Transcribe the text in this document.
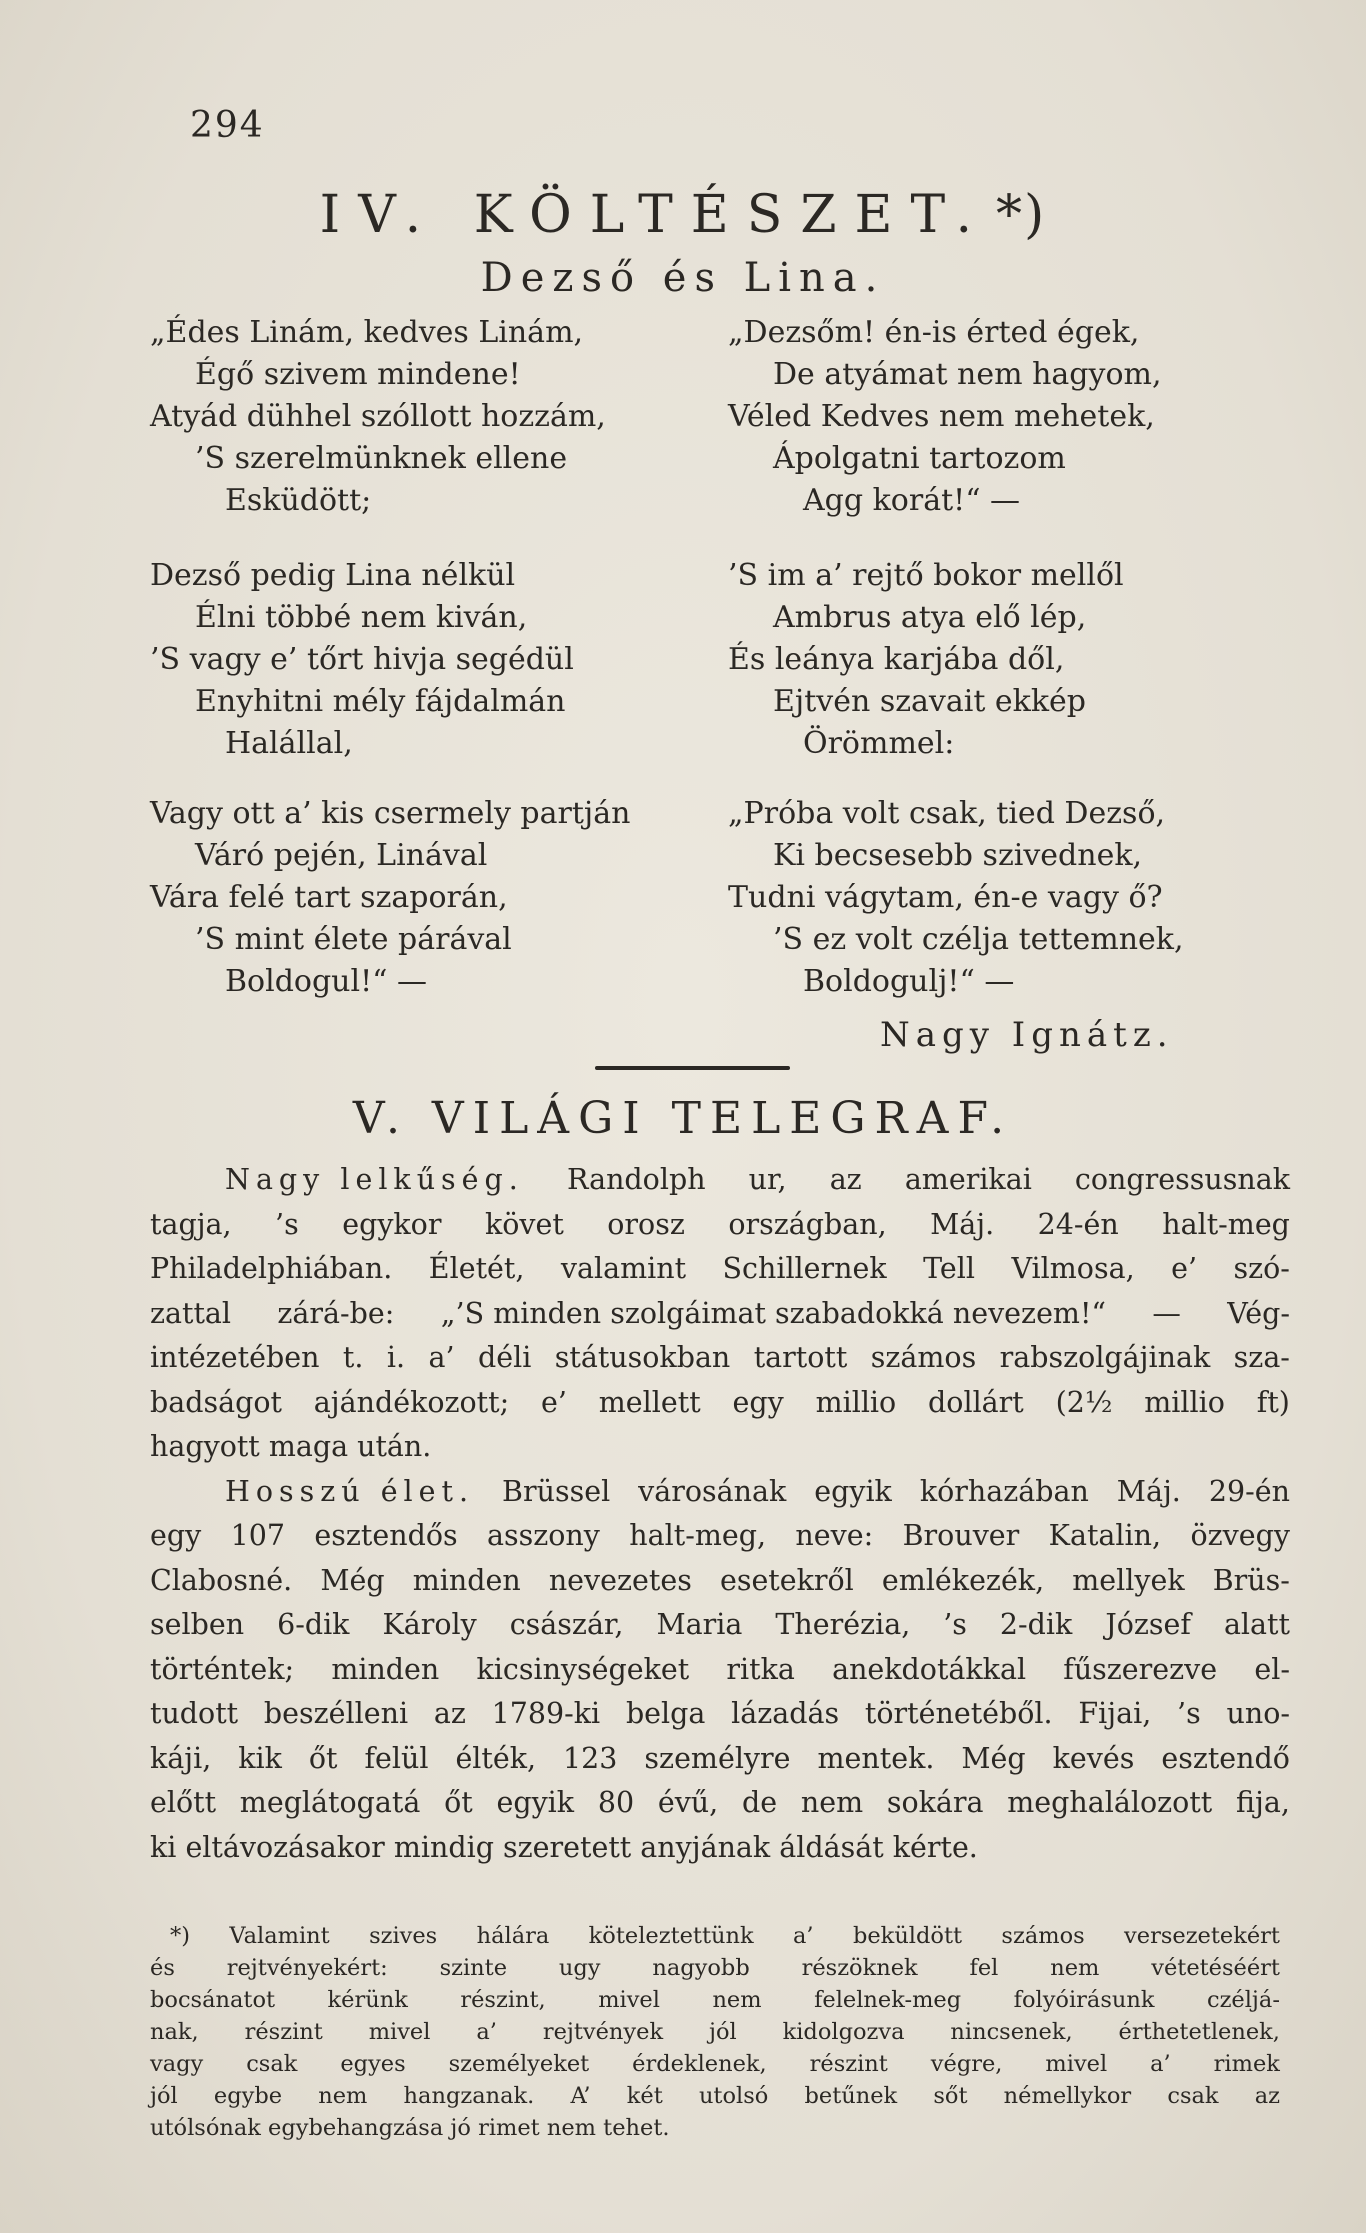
294
IV. KÖLTÉSZET. *)
Dezső és Lina.
„Édes Linám, kedves Linám,
Égő szivem mindene!
Atyád dühhel szóllott hozzám,
’S szerelmünknek ellene
Esküdött;
Dezső pedig Lina nélkül
Élni többé nem kiván,
’S vagy e’ tőrt hivja segédül
Enyhitni mély fájdalmán
Halállal,
Vagy ott a’ kis csermely partján
Váró pején, Linával
Vára felé tart szaporán,
’S mint élete párával
Boldogul!“ —
„Dezsőm! én-is érted égek,
De atyámat nem hagyom,
Véled Kedves nem mehetek,
Ápolgatni tartozom
Agg korát!“ —
’S im a’ rejtő bokor mellől
Ambrus atya elő lép,
És leánya karjába dől,
Ejtvén szavait ekkép
Örömmel:
„Próba volt csak, tied Dezső,
Ki becsesebb szivednek,
Tudni vágytam, én-e vagy ő?
’S ez volt czélja tettemnek,
Boldogulj!“ —
Nagy Ignátz.
V. VILÁGI TELEGRAF.
Nagy lelkűség. Randolph ur, az amerikai congressusnak
tagja, ’s egykor követ orosz országban, Máj. 24-én halt-meg
Philadelphiában. Életét, valamint Schillernek Tell Vilmosa, e’ szó-
zattal zárá-be: „’S minden szolgáimat szabadokká nevezem!“ — Vég-
intézetében t. i. a’ déli státusokban tartott számos rabszolgájinak sza-
badságot ajándékozott; e’ mellett egy millio dollárt (2½ millio ft)
hagyott maga után.
Hosszú élet. Brüssel városának egyik kórhazában Máj. 29-én
egy 107 esztendős asszony halt-meg, neve: Brouver Katalin, özvegy
Clabosné. Még minden nevezetes esetekről emlékezék, mellyek Brüs-
selben 6-dik Károly császár, Maria Therézia, ’s 2-dik József alatt
történtek; minden kicsinységeket ritka anekdotákkal fűszerezve el-
tudott beszélleni az 1789-ki belga lázadás történetéből. Fijai, ’s uno-
káji, kik őt felül élték, 123 személyre mentek. Még kevés esztendő
előtt meglátogatá őt egyik 80 évű, de nem sokára meghalálozott fija,
ki eltávozásakor mindig szeretett anyjának áldását kérte.
*) Valamint szives hálára köteleztettünk a’ beküldött számos versezetekért
és rejtvényekért: szinte ugy nagyobb részöknek fel nem vétetéséért
bocsánatot kérünk részint, mivel nem felelnek-meg folyóirásunk czéljá-
nak, részint mivel a’ rejtvények jól kidolgozva nincsenek, érthetetlenek,
vagy csak egyes személyeket érdeklenek, részint végre, mivel a’ rimek
jól egybe nem hangzanak. A’ két utolsó betűnek sőt némellykor csak az
utólsónak egybehangzása jó rimet nem tehet.
